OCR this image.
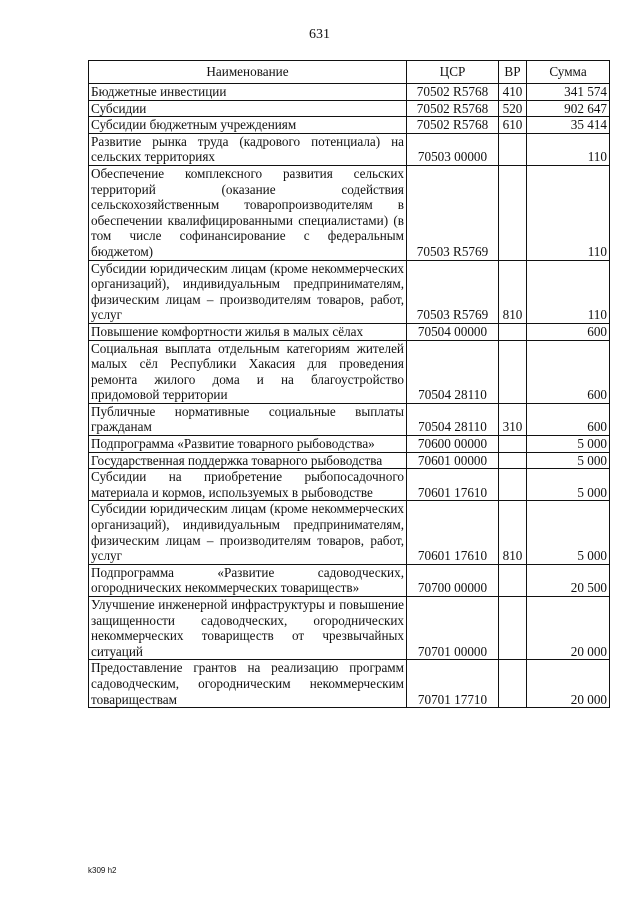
631
Наименование	ЦСР	ВР	Сумма
Бюджетные инвестиции	70502 R5768	410	341 574
Субсидии	70502 R5768	520	902 647
Субсидии бюджетным учреждениям	70502 R5768	610	35 414
Развитие рынка труда (кадрового потенциала) на сельских территориях	70503 00000		110
Обеспечение комплексного развития сельских территорий (оказание содействия сельскохозяйственным товаропроизводителям в обеспечении квалифицированными специалистами) (в том числе софинансирование с федеральным бюджетом)	70503 R5769		110
Субсидии юридическим лицам (кроме некоммерческих организаций), индивидуальным предпринимателям, физическим лицам – производителям товаров, работ, услуг	70503 R5769	810	110
Повышение комфортности жилья в малых сёлах	70504 00000		600
Социальная выплата отдельным категориям жителей малых сёл Республики Хакасия для проведения ремонта жилого дома и на благоустройство придомовой территории	70504 28110		600
Публичные нормативные социальные выплаты гражданам	70504 28110	310	600
Подпрограмма «Развитие товарного рыбоводства»	70600 00000		5 000
Государственная поддержка товарного рыбоводства	70601 00000		5 000
Субсидии на приобретение рыбопосадочного материала и кормов, используемых в рыбоводстве	70601 17610		5 000
Субсидии юридическим лицам (кроме некоммерческих организаций), индивидуальным предпринимателям, физическим лицам – производителям товаров, работ, услуг	70601 17610	810	5 000
Подпрограмма «Развитие садоводческих, огороднических некоммерческих товариществ»	70700 00000		20 500
Улучшение инженерной инфраструктуры и повышение защищенности садоводческих, огороднических некоммерческих товариществ от чрезвычайных ситуаций	70701 00000		20 000
Предоставление грантов на реализацию программ садоводческим, огородническим некоммерческим товариществам	70701 17710		20 000
k309 h2
